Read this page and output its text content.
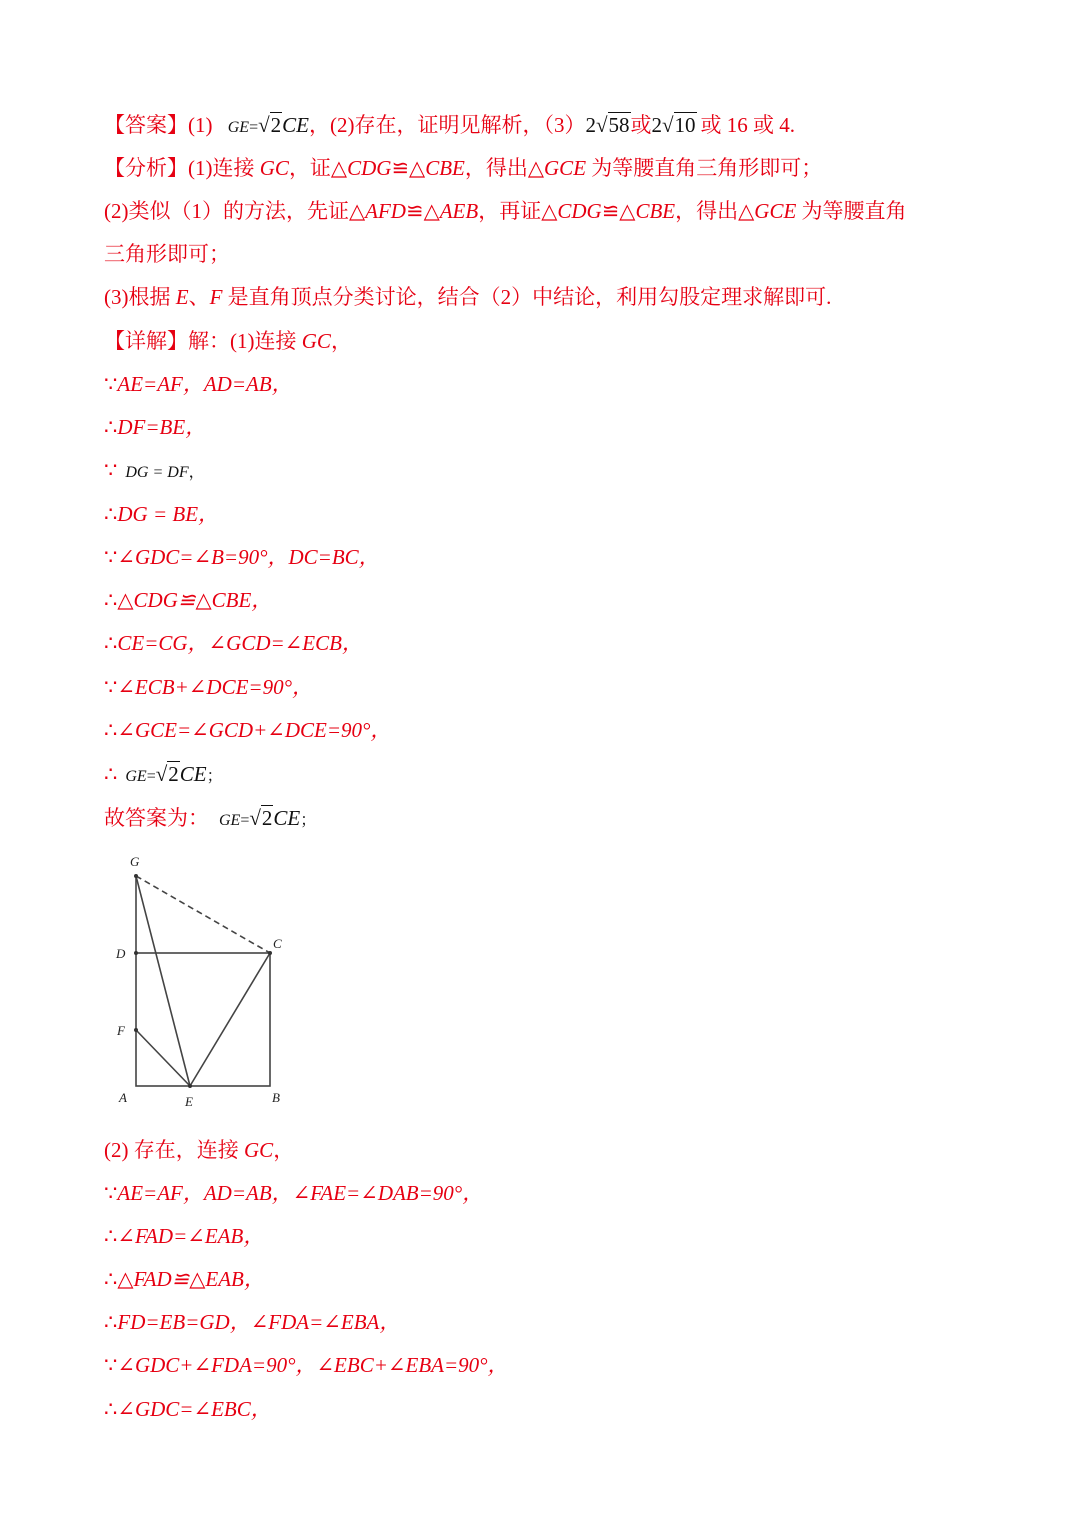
【答案】(1) GE=√2CE，(2)存在，证明见解析，（3）2√58或2√10 或 16 或 4.
【分析】(1)连接 GC，证△CDG≌△CBE，得出△GCE 为等腰直角三角形即可；
(2)类似（1）的方法，先证△AFD≌△AEB，再证△CDG≌△CBE，得出△GCE 为等腰直角
三角形即可；
(3)根据 E、F 是直角顶点分类讨论，结合（2）中结论，利用勾股定理求解即可.
【详解】解：(1)连接 GC，
∵AE=AF，AD=AB，
∴DF=BE，
∵ DG = DF，
∴DG = BE，
∵∠GDC=∠B=90°，DC=BC，
∴△CDG≌△CBE，
∴CE=CG，∠GCD=∠ECB，
∵∠ECB+∠DCE=90°，
∴∠GCE=∠GCD+∠DCE=90°，
∴ GE=√2CE；
故答案为： GE=√2CE；
G
C
D
F
A	E	B
(2) 存在，连接 GC，
∵AE=AF，AD=AB，∠FAE=∠DAB=90°，
∴∠FAD=∠EAB，
∴△FAD≌△EAB，
∴FD=EB=GD，∠FDA=∠EBA，
∵∠GDC+∠FDA=90°，∠EBC+∠EBA=90°，
∴∠GDC=∠EBC，
